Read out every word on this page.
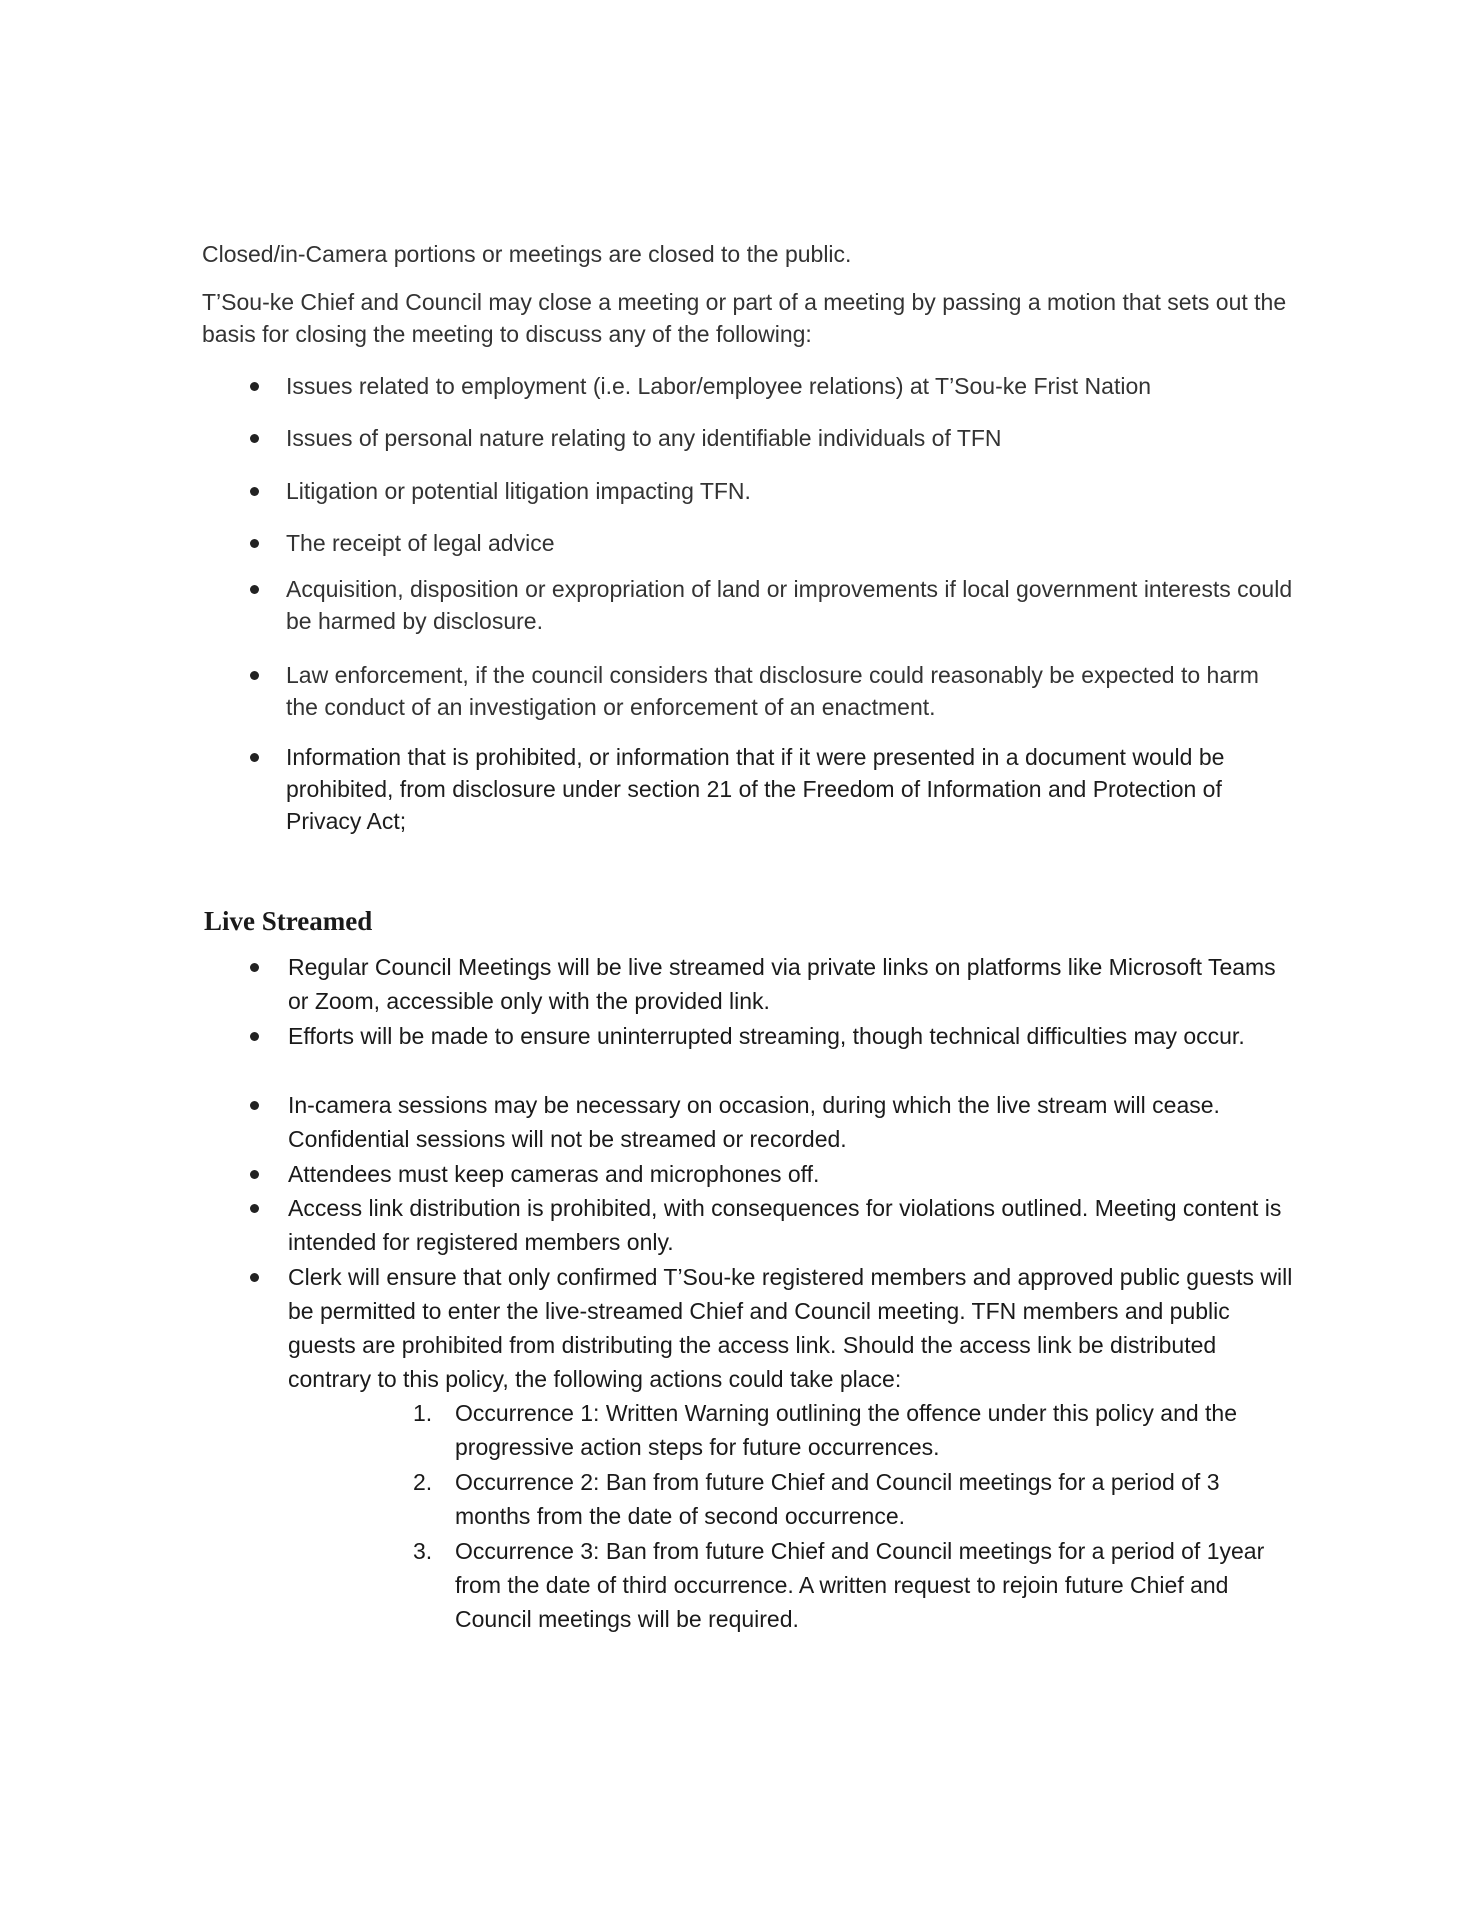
Closed/in-Camera portions or meetings are closed to the public.

T’Sou-ke Chief and Council may close a meeting or part of a meeting by passing a motion that sets out the basis for closing the meeting to discuss any of the following:

Issues related to employment (i.e. Labor/employee relations) at T’Sou-ke Frist Nation
Issues of personal nature relating to any identifiable individuals of TFN
Litigation or potential litigation impacting TFN.
The receipt of legal advice
Acquisition, disposition or expropriation of land or improvements if local government interests could be harmed by disclosure.
Law enforcement, if the council considers that disclosure could reasonably be expected to harm the conduct of an investigation or enforcement of an enactment.
Information that is prohibited, or information that if it were presented in a document would be prohibited, from disclosure under section 21 of the Freedom of Information and Protection of Privacy Act;
Live Streamed
Regular Council Meetings will be live streamed via private links on platforms like Microsoft Teams or Zoom, accessible only with the provided link.
Efforts will be made to ensure uninterrupted streaming, though technical difficulties may occur.
In-camera sessions may be necessary on occasion, during which the live stream will cease. Confidential sessions will not be streamed or recorded.
Attendees must keep cameras and microphones off.
Access link distribution is prohibited, with consequences for violations outlined. Meeting content is intended for registered members only.
Clerk will ensure that only confirmed T’Sou-ke registered members and approved public guests will be permitted to enter the live-streamed Chief and Council meeting. TFN members and public guests are prohibited from distributing the access link. Should the access link be distributed contrary to this policy, the following actions could take place:
1. Occurrence 1: Written Warning outlining the offence under this policy and the progressive action steps for future occurrences.
2. Occurrence 2: Ban from future Chief and Council meetings for a period of 3 months from the date of second occurrence.
3. Occurrence 3: Ban from future Chief and Council meetings for a period of 1year from the date of third occurrence. A written request to rejoin future Chief and Council meetings will be required.
